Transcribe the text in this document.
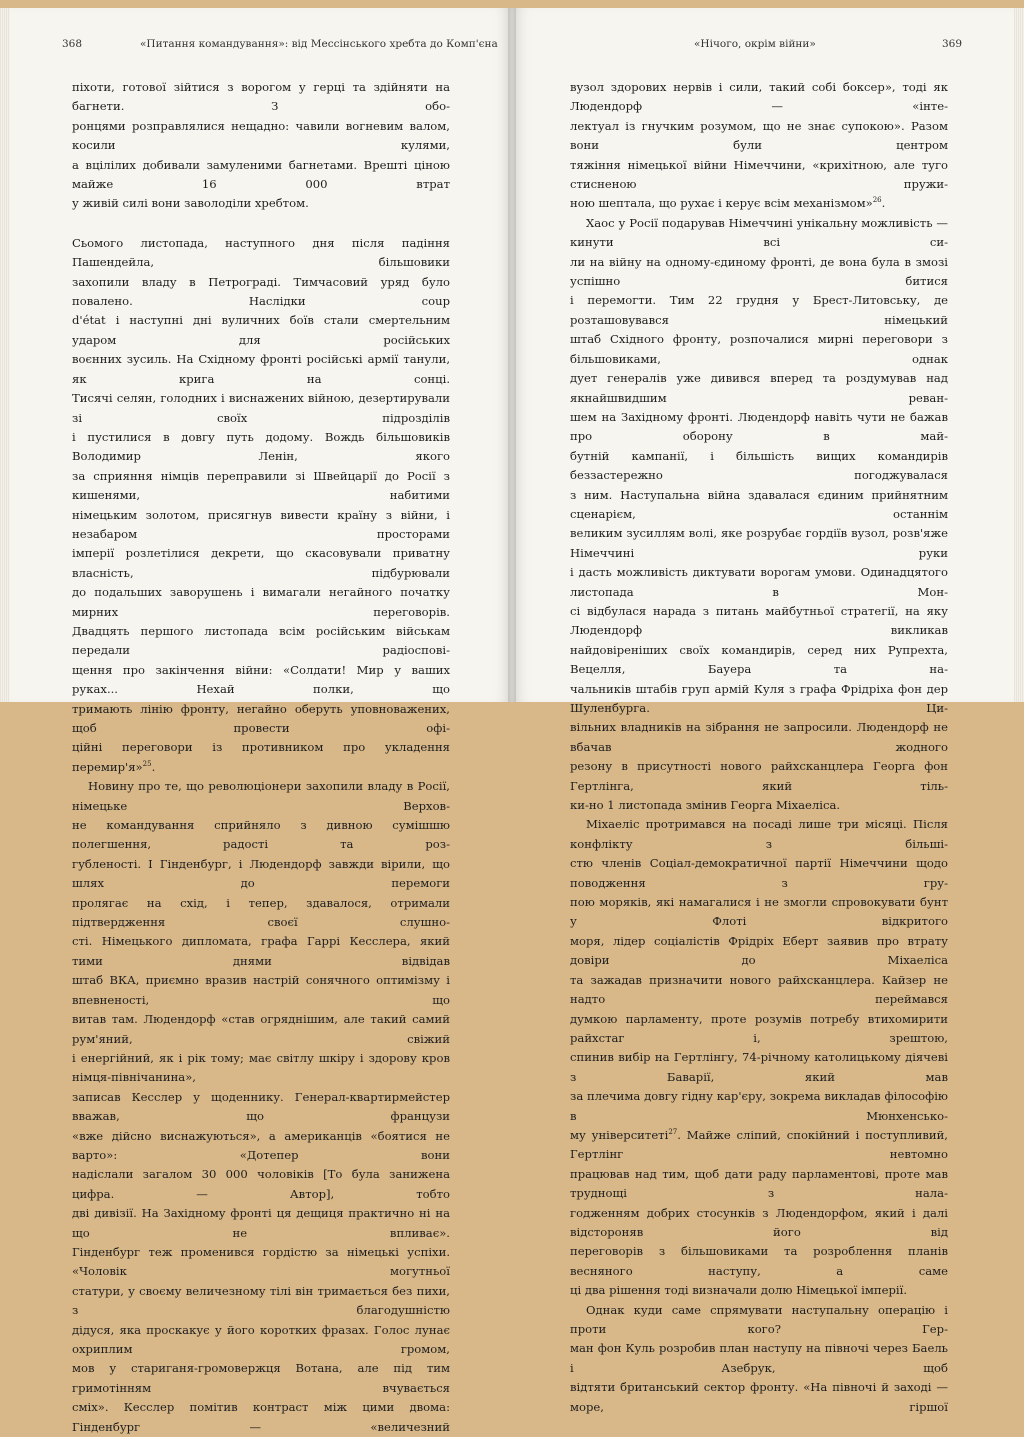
368	«Питання командування»: від Мессінського хребта до Комп'єна

піхоти, готової зійтися з ворогом у герці та здійняти на багнети. З обо-

ронцями розправлялися нещадно: чавили вогневим валом, косили кулями,

а вцілілих добивали замуленими багнетами. Врешті ціною майже 16 000 втрат

у живій силі вони заволоділи хребтом.

Сьомого листопада, наступного дня після падіння Пашендейла, більшовики

захопили владу в Петрограді. Тимчасовий уряд було повалено. Наслідки coup

d'état і наступні дні вуличних боїв стали смертельним ударом для російських

воєнних зусиль. На Східному фронті російські армії танули, як крига на сонці.

Тисячі селян, голодних і виснажених війною, дезертирували зі своїх підрозділів

і пустилися в довгу путь додому. Вождь більшовиків Володимир Ленін, якого

за сприяння німців переправили зі Швейцарії до Росії з кишенями, набитими

німецьким золотом, присягнув вивести країну з війни, і незабаром просторами

імперії розлетілися декрети, що скасовували приватну власність, підбурювали

до подальших заворушень і вимагали негайного початку мирних переговорів.

Двадцять першого листопада всім російським військам передали радіосповi-

щення про закінчення війни: «Солдати! Мир у ваших руках... Нехай полки, що

тримають лінію фронту, негайно оберуть уповноважених, щоб провести офі-

ційні переговори із противником про укладення перемир'я»$^{25}$.

Новину про те, що революціонери захопили владу в Росії, німецьке Верхов-

не командування сприйняло з дивною сумішшю полегшення, радості та роз-

губленості. І Гінденбург, і Людендорф завжди вірили, що шлях до перемоги

пролягає на схід, і тепер, здавалося, отримали підтвердження своєї слушно-

сті. Німецького дипломата, графа Гаррі Кесслера, який тими днями відвідав

штаб ВКА, приємно вразив настрій сонячного оптимізму і впевненості, що

витав там. Людендорф «став огряднішим, але такий самий рум'яний, свіжий

і енергійний, як і рік тому; має світлу шкіру і здорову кров німця-північанина»,

записав Кесслер у щоденнику. Генерал-квартирмейстер вважав, що французи

«вже дійсно виснажуються», а американців «боятися не варто»: «Дотепер вони

надіслали загалом 30 000 чоловіків [То була занижена цифра. — Автор], тобто

дві дивізії. На Західному фронті ця дещиця практично ні на що не впливає».

Гінденбург теж променився гордістю за німецькі успіхи. «Чоловік могутньої

статури, у своєму величезному тілі він тримається без пихи, з благодушністю

дідуся, яка проскакує у його коротких фразах. Голос лунає охриплим громом,

мов у стариганя-громовержця Вотана, але під тим гримотінням вчувається

сміх». Кесслер помітив контраст між цими двома: Гінденбург — «величезний

«Нічого, окрім війни»	369

вузол здорових нервів і сили, такий собі боксер», тоді як Людендорф — «інте-

лектуал із гнучким розумом, що не знає супокою». Разом вони були центром

тяжіння німецької війни Німеччини, «крихітною, але туго стисненою пружи-

ною шептала, що рухає і керує всім механізмом»$^{26}$.

Хаос у Росії подарував Німеччині унікальну можливість — кинути всі си-

ли на війну на одному-єдиному фронті, де вона була в змозі успішно битися

і перемогти. Тим 22 грудня у Брест-Литовську, де розташовувався німецький

штаб Східного фронту, розпочалися мирні переговори з більшовиками, однак

дует генералів уже дивився вперед та роздумував над якнайшвидшим реван-

шем на Західному фронті. Людендорф навіть чути не бажав про оборону в май-

бутній кампанії, і більшість вищих командирів беззастережно погоджувалася

з ним. Наступальна війна здавалася єдиним прийнятним сценарієм, останнім

великим зусиллям волі, яке розрубає гордіїв вузол, розв'яже Німеччині руки

і дасть можливість диктувати ворогам умови. Одинадцятого листопада в Мон-

сі відбулася нарада з питань майбутньої стратегії, на яку Людендорф викликав

найдовіреніших своїх командирів, серед них Рупрехта, Вецелля, Бауера та на-

чальників штабів груп армій Куля з графа Фрідріха фон дер Шуленбурга. Ци-

вільних владників на зібрання не запросили. Людендорф не вбачав жодного

резону в присутності нового райхсканцлера Георга фон Гертлінга, який тіль-

ки-но 1 листопада змінив Георга Міхаеліса.

Міхаеліс протримався на посаді лише три місяці. Після конфлікту з більші-

стю членів Соціал-демократичної партії Німеччини щодо поводження з гру-

пою моряків, які намагалися і не змогли спровокувати бунт у Флоті відкритого

моря, лідер соціалістів Фрідріх Еберт заявив про втрату довіри до Міхаеліса

та зажадав призначити нового райхсканцлера. Кайзер не надто переймався

думкою парламенту, проте розумів потребу втихомирити райхстаг і, зрештою,

спинив вибір на Гертлінгу, 74-річному католицькому діячеві з Баварії, який мав

за плечима довгу гідну кар'єру, зокрема викладав філософію в Мюнхенсько-

му університеті$^{27}$. Майже сліпий, спокійний і поступливий, Гертлінг невтомно

працював над тим, щоб дати раду парламентові, проте мав труднощі з нала-

годженням добрих стосунків з Людендорфом, який і далі відстороняв його від

переговорів з більшовиками та розроблення планів весняного наступу, а саме

ці два рішення тоді визначали долю Німецької імперії.

Однак куди саме спрямувати наступальну операцію і проти кого? Гер-

ман фон Куль розробив план наступу на півночі через Баель і Азебрук, щоб

відтяти британський сектор фронту. «На півночі й заході — море, гіршої
